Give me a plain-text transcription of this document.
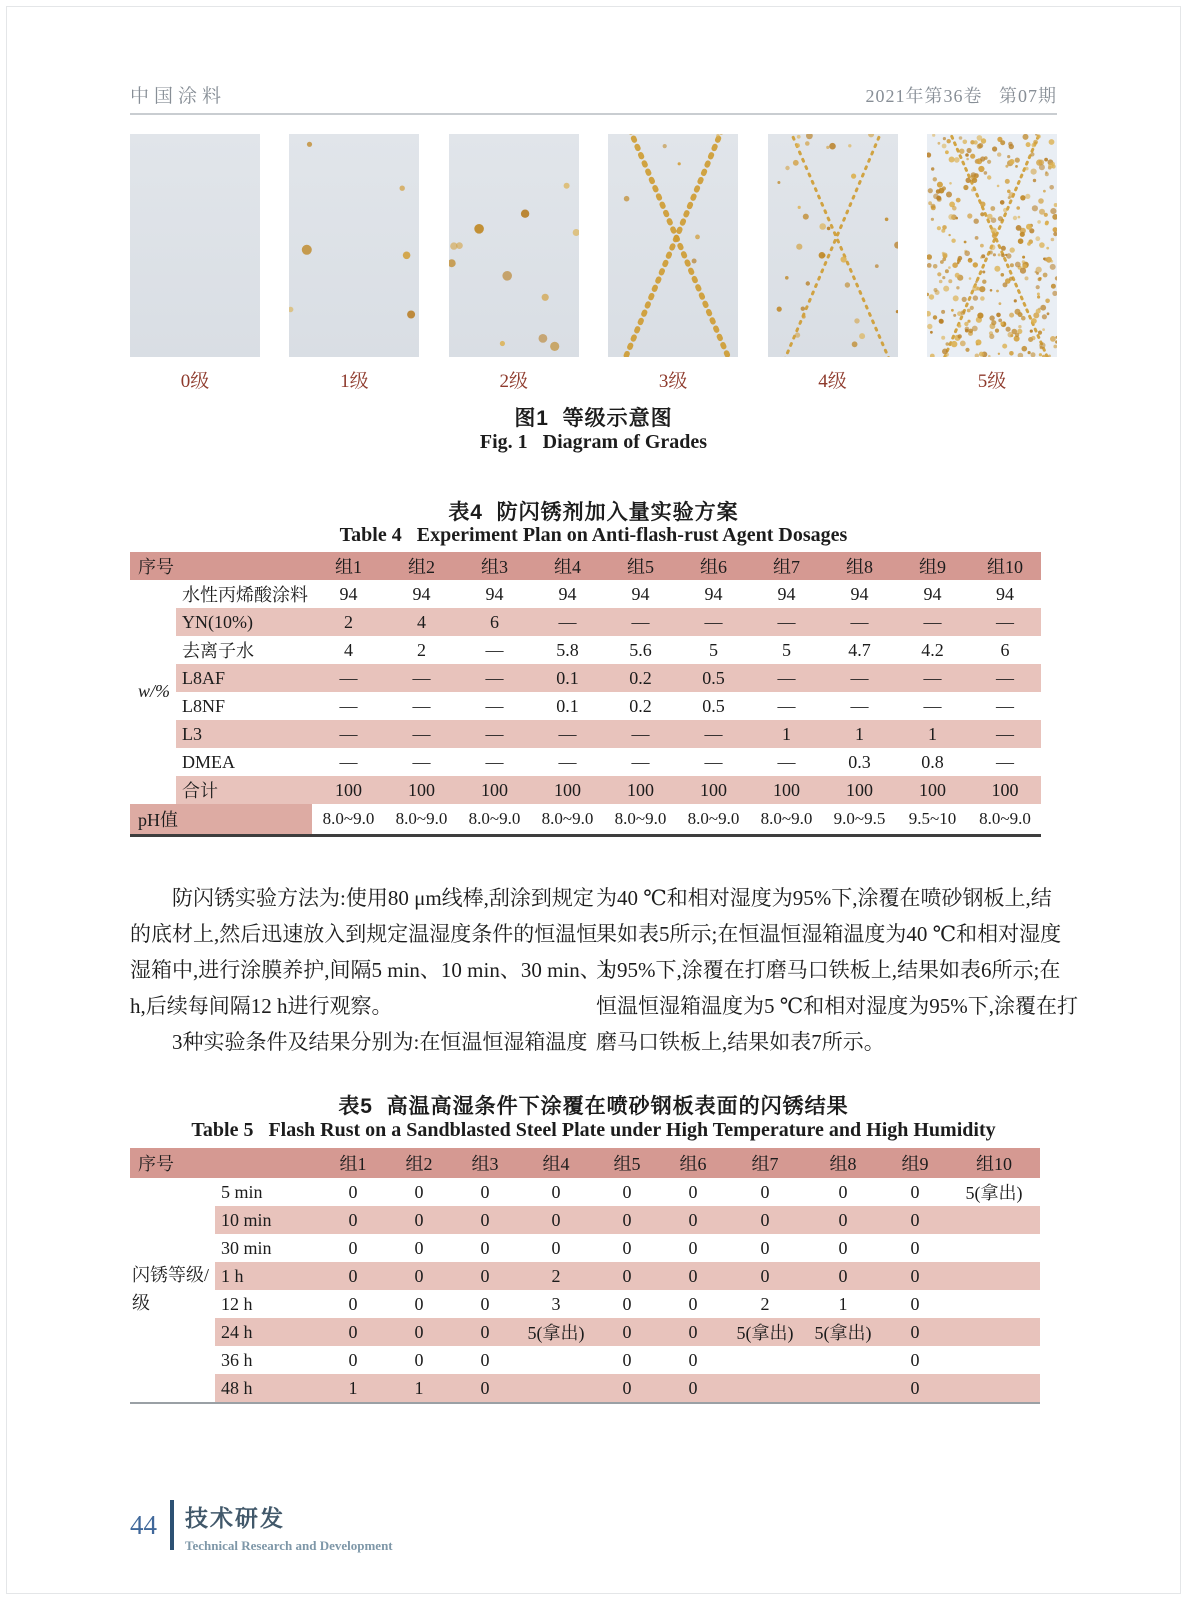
中国涂料	2021年第36卷   第07期
0级	1级	2级	3级	4级	5级
图1  等级示意图
Fig. 1   Diagram of Grades
表4  防闪锈剂加入量实验方案
Table 4   Experiment Plan on Anti-flash-rust Agent Dosages
序号		组1	组2	组3	组4	组5	组6	组7	组8	组9	组10
w/%	水性丙烯酸涂料	94	94	94	94	94	94	94	94	94	94
	YN(10%)	2	4	6	—	—	—	—	—	—	—
	去离子水	4	2	—	5.8	5.6	5	5	4.7	4.2	6
	L8AF	—	—	—	0.1	0.2	0.5	—	—	—	—
	L8NF	—	—	—	0.1	0.2	0.5	—	—	—	—
	L3	—	—	—	—	—	—	1	1	1	—
	DMEA	—	—	—	—	—	—	—	0.3	0.8	—
	合计	100	100	100	100	100	100	100	100	100	100
pH值		8.0~9.0	8.0~9.0	8.0~9.0	8.0~9.0	8.0~9.0	8.0~9.0	8.0~9.0	9.0~9.5	9.5~10	8.0~9.0
防闪锈实验方法为:使用80 μm线棒,刮涂到规定
的底材上,然后迅速放入到规定温湿度条件的恒温恒
湿箱中,进行涂膜养护,间隔5 min、10 min、30 min、1
h,后续每间隔12 h进行观察。
3种实验条件及结果分别为:在恒温恒湿箱温度
为40 ℃和相对湿度为95%下,涂覆在喷砂钢板上,结
果如表5所示;在恒温恒湿箱温度为40 ℃和相对湿度
为95%下,涂覆在打磨马口铁板上,结果如表6所示;在
恒温恒湿箱温度为5 ℃和相对湿度为95%下,涂覆在打
磨马口铁板上,结果如表7所示。
表5  高温高湿条件下涂覆在喷砂钢板表面的闪锈结果
Table 5   Flash Rust on a Sandblasted Steel Plate under High Temperature and High Humidity
序号		组1	组2	组3	组4	组5	组6	组7	组8	组9	组10
闪锈等级/级	5 min	0	0	0	0	0	0	0	0	0	5(拿出)
	10 min	0	0	0	0	0	0	0	0	0	
	30 min	0	0	0	0	0	0	0	0	0	
	1 h	0	0	0	2	0	0	0	0	0	
	12 h	0	0	0	3	0	0	2	1	0	
	24 h	0	0	0	5(拿出)	0	0	5(拿出)	5(拿出)	0	
	36 h	0	0	0		0	0			0	
	48 h	1	1	0		0	0			0	
44 技术研发
Technical Research and Development
